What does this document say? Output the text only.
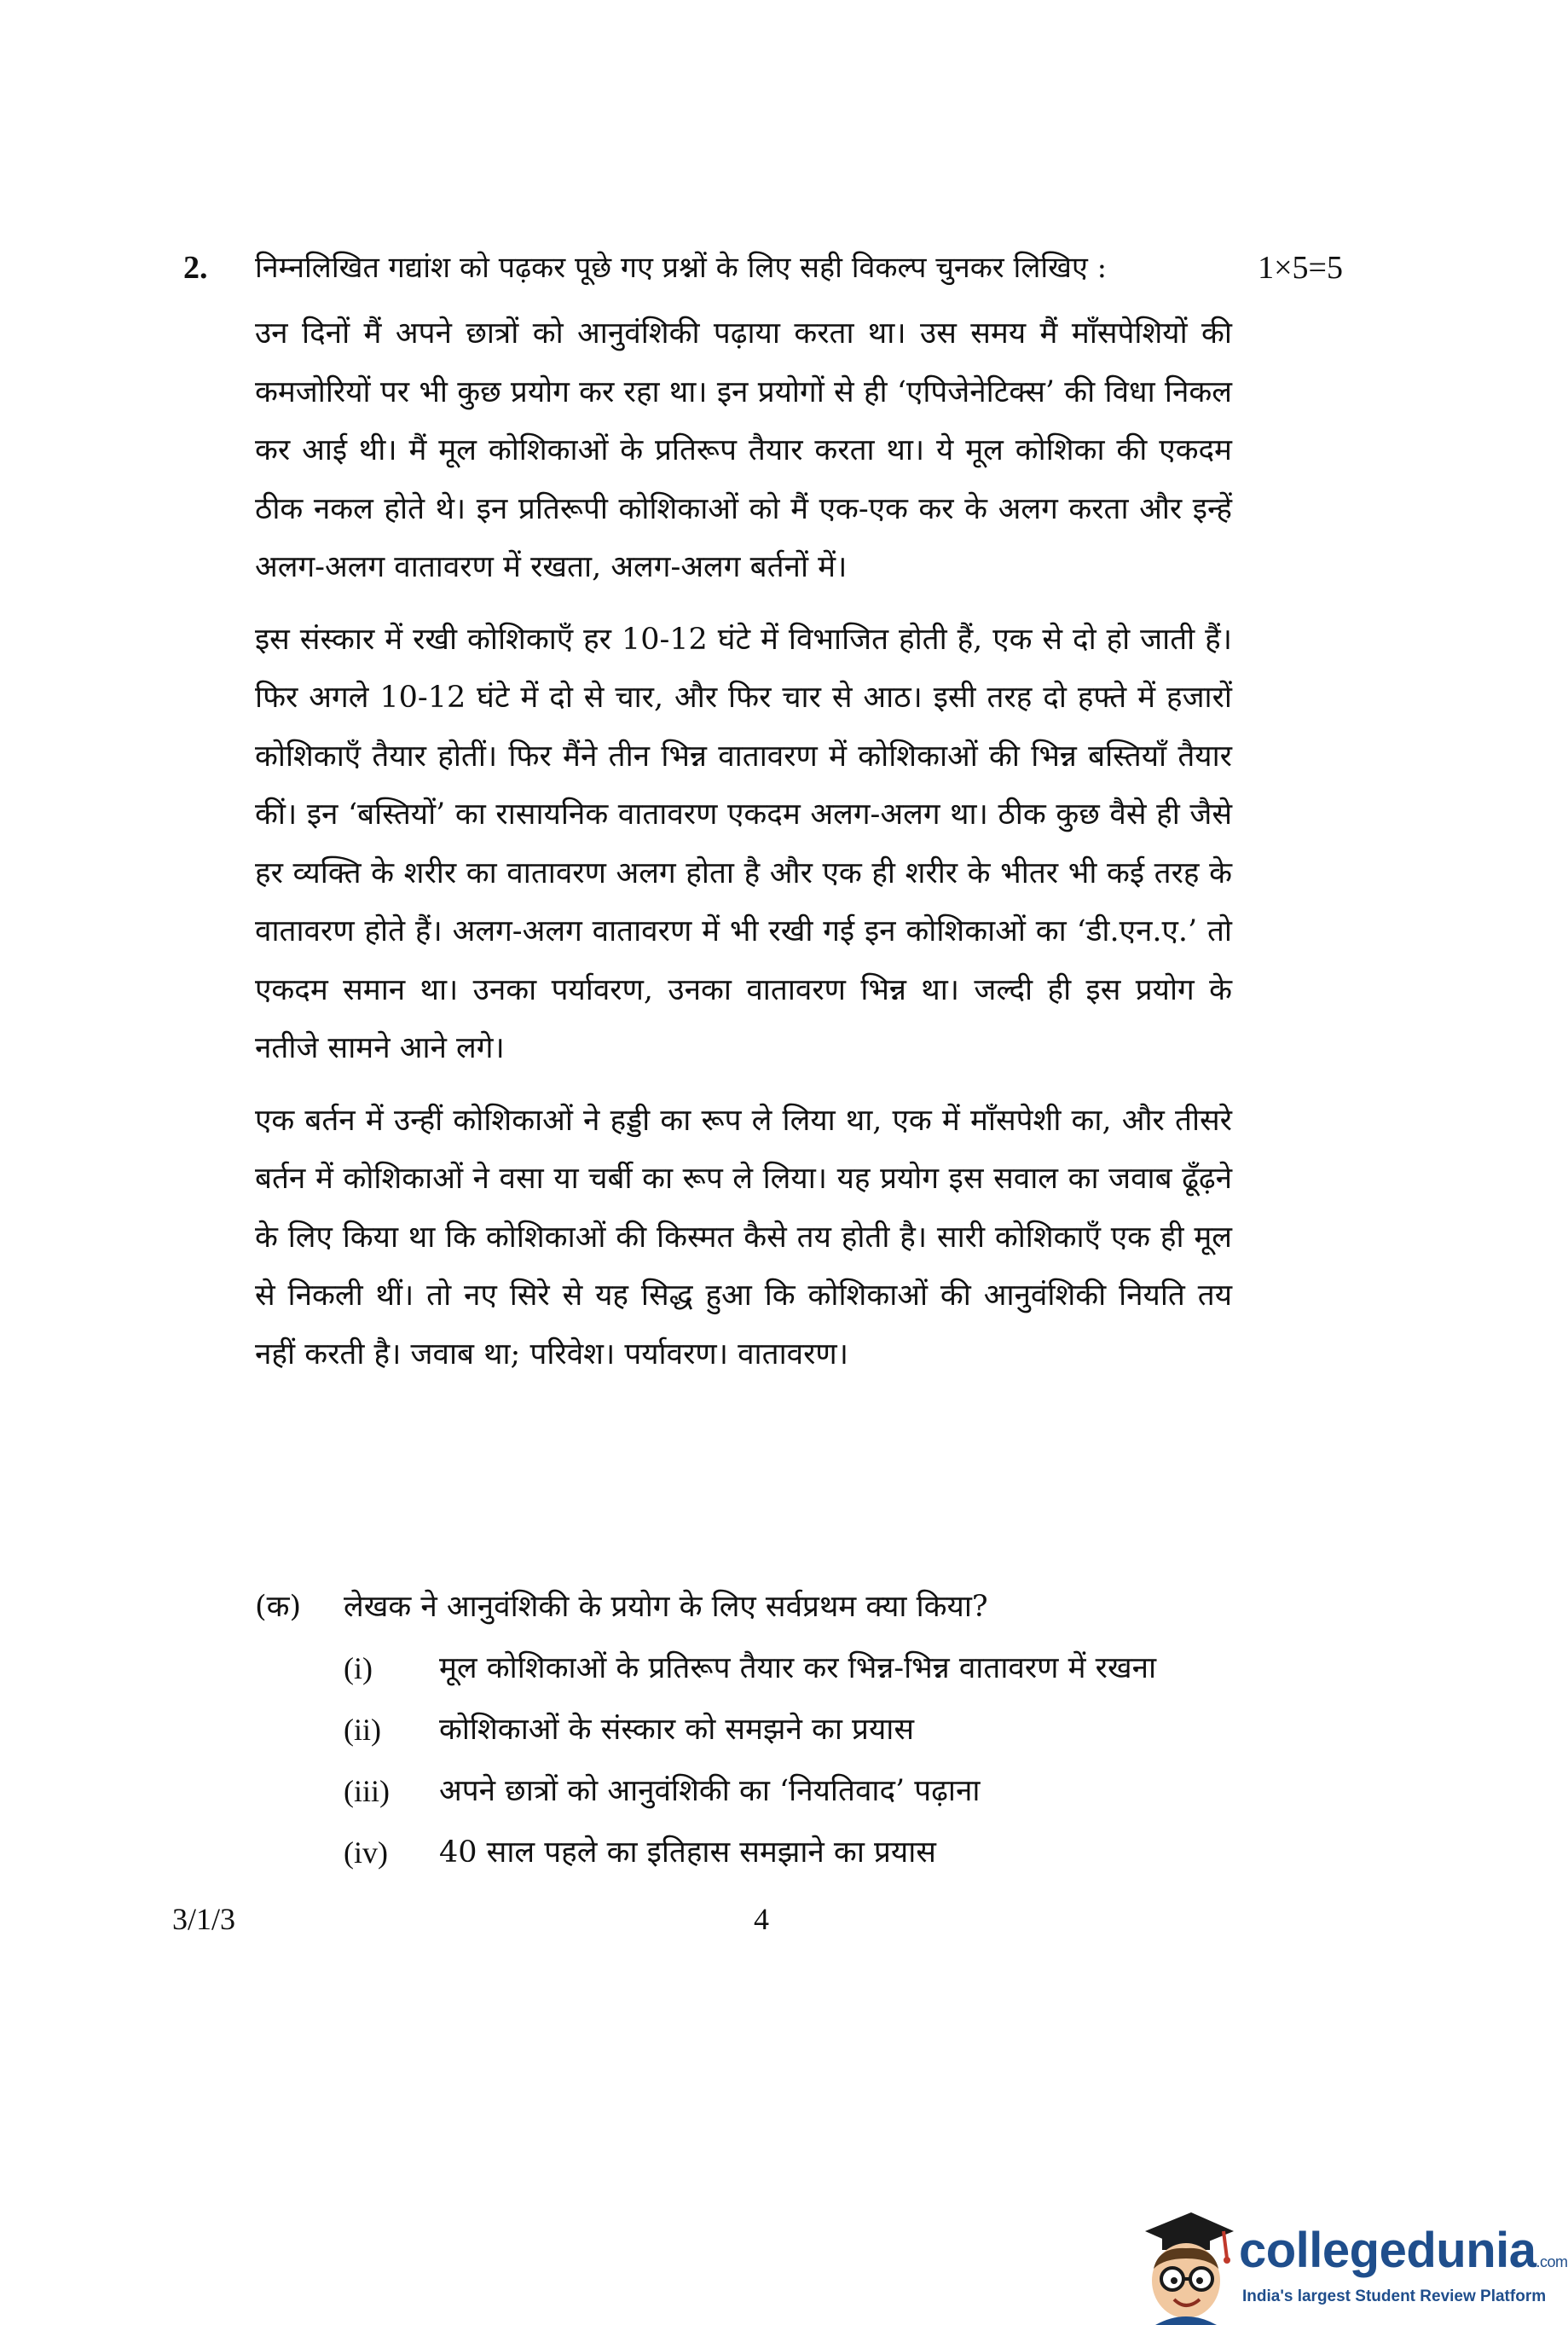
2. निम्नलिखित गद्यांश को पढ़कर पूछे गए प्रश्नों के लिए सही विकल्प चुनकर लिखिए :	1×5=5

उन दिनों मैं अपने छात्रों को आनुवंशिकी पढ़ाया करता था। उस समय मैं माँसपेशियों की कमजोरियों पर भी कुछ प्रयोग कर रहा था। इन प्रयोगों से ही ‘एपिजेनेटिक्स’ की विधा निकल कर आई थी। मैं मूल कोशिकाओं के प्रतिरूप तैयार करता था। ये मूल कोशिका की एकदम ठीक नकल होते थे। इन प्रतिरूपी कोशिकाओं को मैं एक-एक कर के अलग करता और इन्हें अलग-अलग वातावरण में रखता, अलग-अलग बर्तनों में।

इस संस्कार में रखी कोशिकाएँ हर 10-12 घंटे में विभाजित होती हैं, एक से दो हो जाती हैं। फिर अगले 10-12 घंटे में दो से चार, और फिर चार से आठ। इसी तरह दो हफ्ते में हजारों कोशिकाएँ तैयार होतीं। फिर मैंने तीन भिन्न वातावरण में कोशिकाओं की भिन्न बस्तियाँ तैयार कीं। इन ‘बस्तियों’ का रासायनिक वातावरण एकदम अलग-अलग था। ठीक कुछ वैसे ही जैसे हर व्यक्ति के शरीर का वातावरण अलग होता है और एक ही शरीर के भीतर भी कई तरह के वातावरण होते हैं। अलग-अलग वातावरण में भी रखी गई इन कोशिकाओं का ‘डी.एन.ए.’ तो एकदम समान था। उनका पर्यावरण, उनका वातावरण भिन्न था। जल्दी ही इस प्रयोग के नतीजे सामने आने लगे।

एक बर्तन में उन्हीं कोशिकाओं ने हड्डी का रूप ले लिया था, एक में माँसपेशी का, और तीसरे बर्तन में कोशिकाओं ने वसा या चर्बी का रूप ले लिया। यह प्रयोग इस सवाल का जवाब ढूँढ़ने के लिए किया था कि कोशिकाओं की किस्मत कैसे तय होती है। सारी कोशिकाएँ एक ही मूल से निकली थीं। तो नए सिरे से यह सिद्ध हुआ कि कोशिकाओं की आनुवंशिकी नियति तय नहीं करती है। जवाब था; परिवेश। पर्यावरण। वातावरण।

(क) लेखक ने आनुवंशिकी के प्रयोग के लिए सर्वप्रथम क्या किया?
(i) मूल कोशिकाओं के प्रतिरूप तैयार कर भिन्न-भिन्न वातावरण में रखना
(ii) कोशिकाओं के संस्कार को समझने का प्रयास
(iii) अपने छात्रों को आनुवंशिकी का ‘नियतिवाद’ पढ़ाना
(iv) 40 साल पहले का इतिहास समझाने का प्रयास
3/1/3	4
collegedunia.com
India's largest Student Review Platform
